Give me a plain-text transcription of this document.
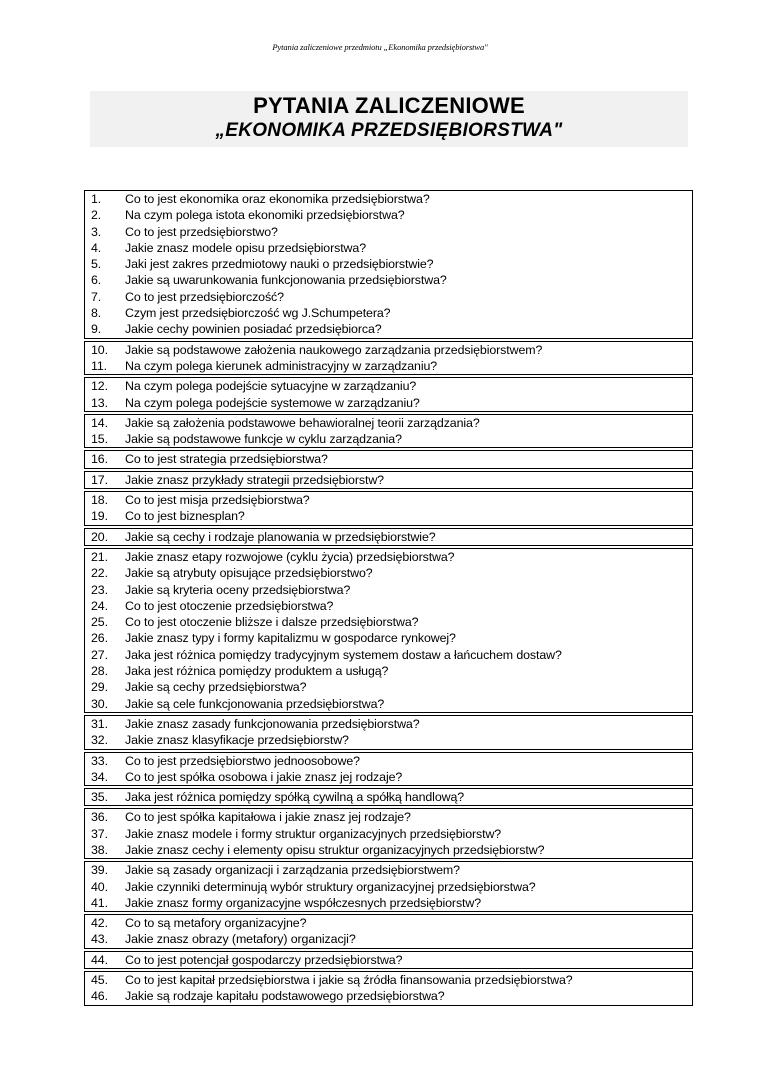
Pytania zaliczeniowe przedmiotu „Ekonomika przedsiębiorstwa"
PYTANIA ZALICZENIOWE
„EKONOMIKA PRZEDSIĘBIORSTWA"
1.	Co to jest ekonomika oraz ekonomika przedsiębiorstwa?
2.	Na czym polega istota ekonomiki przedsiębiorstwa?
3.	Co to jest przedsiębiorstwo?
4.	Jakie znasz modele opisu przedsiębiorstwa?
5.	Jaki jest zakres przedmiotowy nauki o przedsiębiorstwie?
6.	Jakie są uwarunkowania funkcjonowania przedsiębiorstwa?
7.	Co to jest przedsiębiorczość?
8.	Czym jest przedsiębiorczość wg J.Schumpetera?
9.	Jakie cechy powinien posiadać przedsiębiorca?
10.	Jakie są podstawowe założenia naukowego zarządzania przedsiębiorstwem?
11.	Na czym polega kierunek administracyjny w zarządzaniu?
12.	Na czym polega podejście sytuacyjne w zarządzaniu?
13.	Na czym polega podejście systemowe w zarządzaniu?
14.	Jakie są założenia podstawowe behawioralnej teorii zarządzania?
15.	Jakie są podstawowe funkcje w cyklu zarządzania?
16.	Co to jest strategia przedsiębiorstwa?
17.	Jakie znasz przykłady strategii przedsiębiorstw?
18.	Co to jest misja przedsiębiorstwa?
19.	Co to jest biznesplan?
20.	Jakie są cechy i rodzaje planowania w przedsiębiorstwie?
21.	Jakie znasz etapy rozwojowe (cyklu życia) przedsiębiorstwa?
22.	Jakie są atrybuty opisujące przedsiębiorstwo?
23.	Jakie są kryteria oceny przedsiębiorstwa?
24.	Co to jest otoczenie przedsiębiorstwa?
25.	Co to jest otoczenie bliższe i dalsze przedsiębiorstwa?
26.	Jakie znasz typy i formy kapitalizmu w gospodarce rynkowej?
27.	Jaka jest różnica pomiędzy tradycyjnym systemem dostaw a łańcuchem dostaw?
28.	Jaka jest różnica pomiędzy produktem a usługą?
29.	Jakie są cechy przedsiębiorstwa?
30.	Jakie są cele funkcjonowania przedsiębiorstwa?
31.	Jakie znasz zasady funkcjonowania przedsiębiorstwa?
32.	Jakie znasz klasyfikacje przedsiębiorstw?
33.	Co to jest przedsiębiorstwo jednoosobowe?
34.	Co to jest spółka osobowa i jakie znasz jej rodzaje?
35.	Jaka jest różnica pomiędzy spółką cywilną a spółką handlową?
36.	Co to jest spółka kapitałowa i jakie znasz jej rodzaje?
37.	Jakie znasz modele i formy struktur organizacyjnych przedsiębiorstw?
38.	Jakie znasz cechy i elementy opisu struktur organizacyjnych przedsiębiorstw?
39.	Jakie są zasady organizacji i zarządzania przedsiębiorstwem?
40.	Jakie czynniki determinują wybór struktury organizacyjnej przedsiębiorstwa?
41.	Jakie znasz formy organizacyjne współczesnych przedsiębiorstw?
42.	Co to są metafory organizacyjne?
43.	Jakie znasz obrazy (metafory) organizacji?
44.	Co to jest potencjał gospodarczy przedsiębiorstwa?
45.	Co to jest kapitał przedsiębiorstwa i jakie są źródła finansowania przedsiębiorstwa?
46.	Jakie są rodzaje kapitału podstawowego przedsiębiorstwa?
